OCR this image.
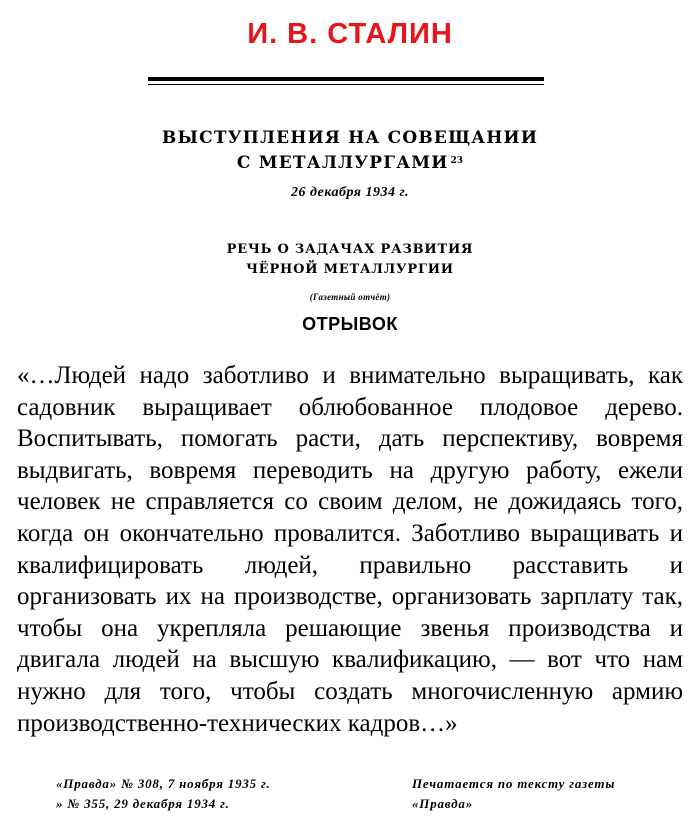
И. В. СТАЛИН
ВЫСТУПЛЕНИЯ НА СОВЕЩАНИИ
С МЕТАЛЛУРГАМИ $^{23}$
26 декабря 1934 г.
РЕЧЬ О ЗАДАЧАХ РАЗВИТИЯ
ЧЁРНОЙ МЕТАЛЛУРГИИ
(Газетный отчёт)
ОТРЫВОК
«…Людей надо заботливо и внимательно выращивать, как садовник выращивает облюбованное плодовое дерево. Воспитывать, помогать расти, дать перспективу, вовремя выдвигать, вовремя переводить на другую работу, ежели человек не справляется со своим делом, не дожидаясь того, когда он окончательно провалится. Заботливо выращивать и квалифицировать людей, правильно расставить и организовать их на производстве, организовать зарплату так, чтобы она укрепляла решающие звенья производства и двигала людей на высшую квалификацию, — вот что нам нужно для того, чтобы создать многочисленную армию производственно-технических кадров…»
«Правда» № 308, 7 ноября 1935 г.
» № 355, 29 декабря 1934 г.
Печатается по тексту газеты
«Правда»
